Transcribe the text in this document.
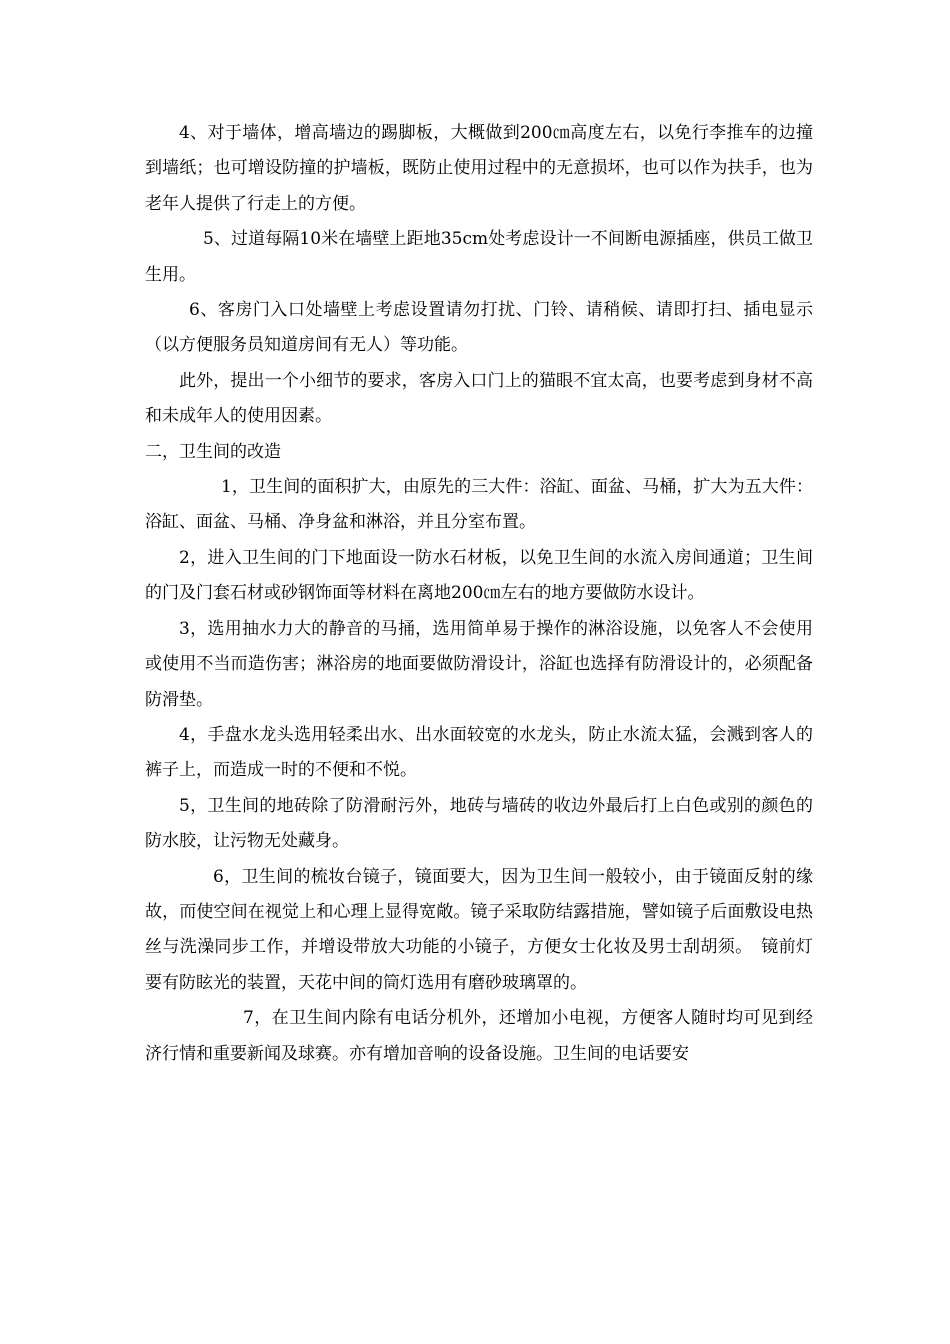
4、对于墙体，增高墙边的踢脚板，大概做到200㎝高度左右，以免行李推车的边撞到墙纸；也可增设防撞的护墙板，既防止使用过程中的无意损坏，也可以作为扶手，也为老年人提供了行走上的方便。

5、过道每隔10米在墙壁上距地35cm处考虑设计一不间断电源插座，供员工做卫生用。

6、客房门入口处墙壁上考虑设置请勿打扰、门铃、请稍候、请即打扫、插电显示（以方便服务员知道房间有无人）等功能。

此外，提出一个小细节的要求，客房入口门上的猫眼不宜太高，也要考虑到身材不高和未成年人的使用因素。

二，卫生间的改造

1，卫生间的面积扩大，由原先的三大件：浴缸、面盆、马桶，扩大为五大件：浴缸、面盆、马桶、净身盆和淋浴，并且分室布置。

2，进入卫生间的门下地面设一防水石材板，以免卫生间的水流入房间通道；卫生间的门及门套石材或砂钢饰面等材料在离地200㎝左右的地方要做防水设计。

3，选用抽水力大的静音的马捅，选用简单易于操作的淋浴设施，以免客人不会使用或使用不当而造伤害；淋浴房的地面要做防滑设计，浴缸也选择有防滑设计的，必须配备防滑垫。

4，手盘水龙头选用轻柔出水、出水面较宽的水龙头，防止水流太猛，会溅到客人的裤子上，而造成一时的不便和不悦。

5，卫生间的地砖除了防滑耐污外，地砖与墙砖的收边外最后打上白色或别的颜色的防水胶，让污物无处藏身。

6，卫生间的梳妆台镜子，镜面要大，因为卫生间一般较小，由于镜面反射的缘故，而使空间在视觉上和心理上显得宽敞。镜子采取防结露措施，譬如镜子后面敷设电热丝与洗澡同步工作，并增设带放大功能的小镜子，方便女士化妆及男士刮胡须。　镜前灯要有防眩光的装置，天花中间的筒灯选用有磨砂玻璃罩的。

7，在卫生间内除有电话分机外，还增加小电视，方便客人随时均可见到经济行情和重要新闻及球赛。亦有增加音响的设备设施。卫生间的电话要安
